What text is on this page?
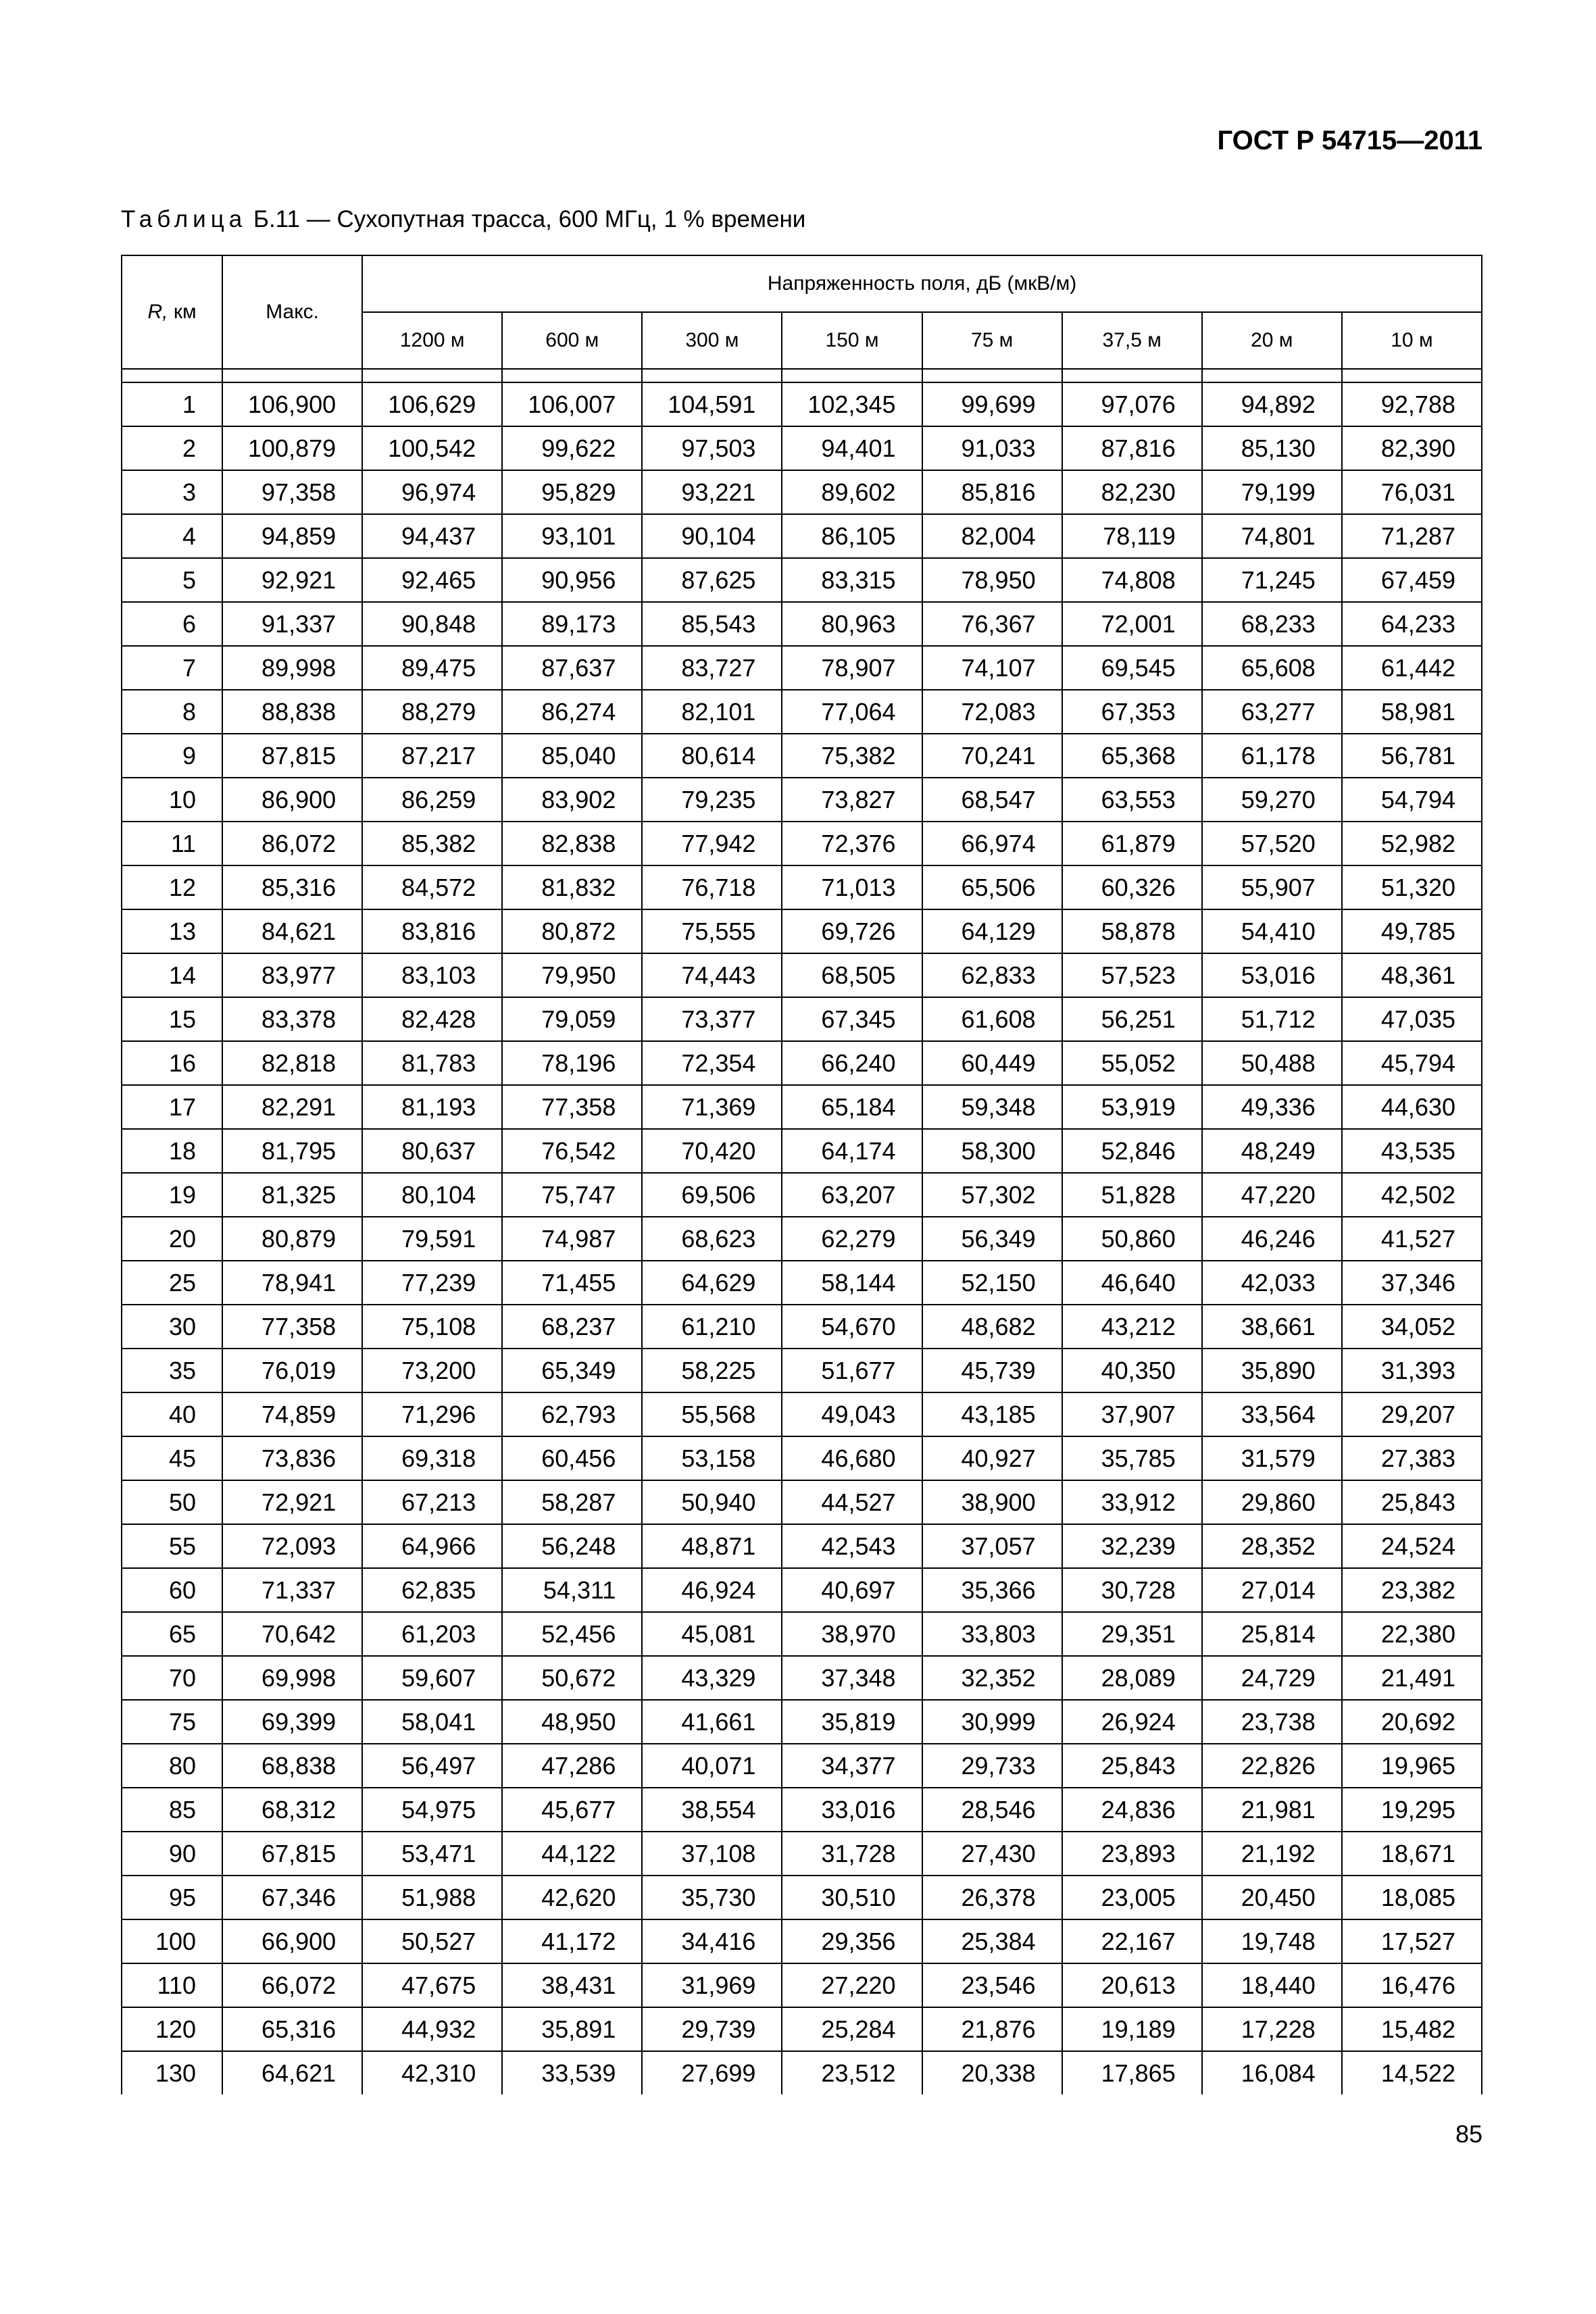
ГОСТ Р 54715—2011
Таблица Б.11 — Сухопутная трасса, 600 МГц, 1 % времени
R, км	Макс.	Напряженность поля, дБ (мкВ/м)							
		1200 м	600 м	300 м	150 м	75 м	37,5 м	20 м	10 м

1	106,900	106,629	106,007	104,591	102,345	99,699	97,076	94,892	92,788
2	100,879	100,542	99,622	97,503	94,401	91,033	87,816	85,130	82,390
3	97,358	96,974	95,829	93,221	89,602	85,816	82,230	79,199	76,031
4	94,859	94,437	93,101	90,104	86,105	82,004	78,119	74,801	71,287
5	92,921	92,465	90,956	87,625	83,315	78,950	74,808	71,245	67,459
6	91,337	90,848	89,173	85,543	80,963	76,367	72,001	68,233	64,233
7	89,998	89,475	87,637	83,727	78,907	74,107	69,545	65,608	61,442
8	88,838	88,279	86,274	82,101	77,064	72,083	67,353	63,277	58,981
9	87,815	87,217	85,040	80,614	75,382	70,241	65,368	61,178	56,781
10	86,900	86,259	83,902	79,235	73,827	68,547	63,553	59,270	54,794
11	86,072	85,382	82,838	77,942	72,376	66,974	61,879	57,520	52,982
12	85,316	84,572	81,832	76,718	71,013	65,506	60,326	55,907	51,320
13	84,621	83,816	80,872	75,555	69,726	64,129	58,878	54,410	49,785
14	83,977	83,103	79,950	74,443	68,505	62,833	57,523	53,016	48,361
15	83,378	82,428	79,059	73,377	67,345	61,608	56,251	51,712	47,035
16	82,818	81,783	78,196	72,354	66,240	60,449	55,052	50,488	45,794
17	82,291	81,193	77,358	71,369	65,184	59,348	53,919	49,336	44,630
18	81,795	80,637	76,542	70,420	64,174	58,300	52,846	48,249	43,535
19	81,325	80,104	75,747	69,506	63,207	57,302	51,828	47,220	42,502
20	80,879	79,591	74,987	68,623	62,279	56,349	50,860	46,246	41,527
25	78,941	77,239	71,455	64,629	58,144	52,150	46,640	42,033	37,346
30	77,358	75,108	68,237	61,210	54,670	48,682	43,212	38,661	34,052
35	76,019	73,200	65,349	58,225	51,677	45,739	40,350	35,890	31,393
40	74,859	71,296	62,793	55,568	49,043	43,185	37,907	33,564	29,207
45	73,836	69,318	60,456	53,158	46,680	40,927	35,785	31,579	27,383
50	72,921	67,213	58,287	50,940	44,527	38,900	33,912	29,860	25,843
55	72,093	64,966	56,248	48,871	42,543	37,057	32,239	28,352	24,524
60	71,337	62,835	54,311	46,924	40,697	35,366	30,728	27,014	23,382
65	70,642	61,203	52,456	45,081	38,970	33,803	29,351	25,814	22,380
70	69,998	59,607	50,672	43,329	37,348	32,352	28,089	24,729	21,491
75	69,399	58,041	48,950	41,661	35,819	30,999	26,924	23,738	20,692
80	68,838	56,497	47,286	40,071	34,377	29,733	25,843	22,826	19,965
85	68,312	54,975	45,677	38,554	33,016	28,546	24,836	21,981	19,295
90	67,815	53,471	44,122	37,108	31,728	27,430	23,893	21,192	18,671
95	67,346	51,988	42,620	35,730	30,510	26,378	23,005	20,450	18,085
100	66,900	50,527	41,172	34,416	29,356	25,384	22,167	19,748	17,527
110	66,072	47,675	38,431	31,969	27,220	23,546	20,613	18,440	16,476
120	65,316	44,932	35,891	29,739	25,284	21,876	19,189	17,228	15,482
130	64,621	42,310	33,539	27,699	23,512	20,338	17,865	16,084	14,522
85
